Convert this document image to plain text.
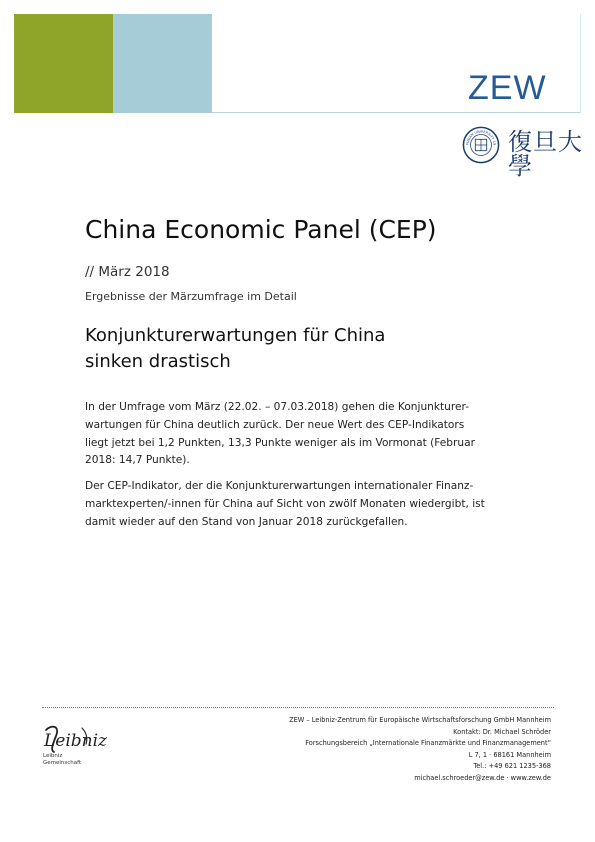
ZEW
FUDAN UNIVERSITY 19 復旦大學
China Economic Panel (CEP)
// März 2018
Ergebnisse der Märzumfrage im Detail
Konjunkturerwartungen für China
sinken drastisch

In der Umfrage vom März (22.02. – 07.03.2018) gehen die Konjunkturer-
wartungen für China deutlich zurück. Der neue Wert des CEP-Indikators
liegt jetzt bei 1,2 Punkten, 13,3 Punkte weniger als im Vormonat (Februar
2018: 14,7 Punkte).

Der CEP-Indikator, der die Konjunkturerwartungen internationaler Finanz-
marktexperten/-innen für China auf Sicht von zwölf Monaten wiedergibt, ist
damit wieder auf den Stand von Januar 2018 zurückgefallen.

Leibniz
Leibniz
Gemeinschaft
ZEW – Leibniz-Zentrum für Europäische Wirtschaftsforschung GmbH Mannheim
Kontakt: Dr. Michael Schröder
Forschungsbereich „Internationale Finanzmärkte und Finanzmanagement“
L 7, 1 · 68161 Mannheim
Tel.: +49 621 1235-368
michael.schroeder@zew.de · www.zew.de
